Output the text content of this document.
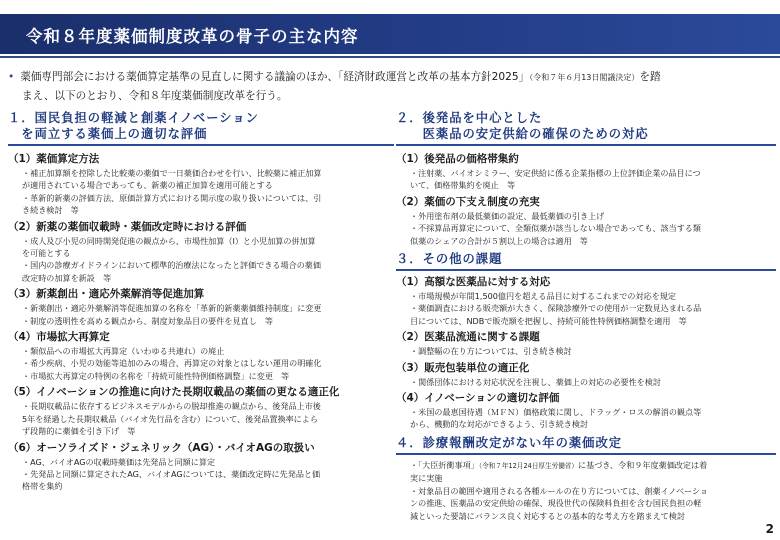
令和８年度薬価制度改革の骨子の主な内容
• 薬価専門部会における薬価算定基準の見直しに関する議論のほか、「経済財政運営と改革の基本方針2025」（令和７年６月13日閣議決定）を踏
まえ、以下のとおり、令和８年度薬価制度改革を行う。
１．国民負担の軽減と創薬イノベーション
　を両立する薬価上の適切な評価
（1）薬価算定方法
・補正加算額を控除した比較薬の薬価で一日薬価合わせを行い、比較薬に補正加算
が適用されている場合であっても、新薬の補正加算を適用可能とする
・革新的新薬の評価方法、原価計算方式における開示度の取り扱いについては、引
き続き検討　等
（2）新薬の薬価収載時・薬価改定時における評価
・成人及び小児の同時開発促進の観点から、市場性加算（Ⅰ）と小児加算の併加算
を可能とする
・国内の診療ガイドラインにおいて標準的治療法になったと評価できる場合の薬価
改定時の加算を新設　等
（3）新薬創出・適応外薬解消等促進加算
・新薬創出・適応外薬解消等促進加算の名称を「革新的新薬薬価維持制度」に変更
・制度の透明性を高める観点から、制度対象品目の要件を見直し　等
（4）市場拡大再算定
・類似品への市場拡大再算定（いわゆる共連れ）の廃止
・希少疾病、小児の効能等追加のみの場合、再算定の対象とはしない運用の明確化
・市場拡大再算定の特例の名称を「持続可能性特例価格調整」に変更　等
（5）イノベーションの推進に向けた長期収載品の薬価の更なる適正化
・長期収載品に依存するビジネスモデルからの脱却推進の観点から、後発品上市後
5年を経過した長期収載品（バイオ先行品を含む）について、後発品置換率によら
ず段階的に薬価を引き下げ　等
（6）オーソライズド・ジェネリック（AG）・バイオAGの取扱い
・AG、バイオAGの収載時薬価は先発品と同額に算定
・先発品と同額に算定されたAG、バイオAGについては、薬価改定時に先発品と価
格帯を集約
２．後発品を中心とした
　　医薬品の安定供給の確保のための対応
（1）後発品の価格帯集約
・注射薬、バイオシミラー、安定供給に係る企業指標の上位評価企業の品目につ
いて、価格帯集約を廃止　等
（2）薬価の下支え制度の充実
・外用塗布剤の最低薬価の設定、最低薬価の引き上げ
・不採算品再算定について、全類似薬が該当しない場合であっても、該当する類
似薬のシェアの合計が５割以上の場合は適用　等
３．その他の課題
（1）高額な医薬品に対する対応
・市場規模が年間1,500億円を超える品目に対するこれまでの対応を規定
・薬価調査における販売額が大きく、保険診療外での使用が一定数見込まれる品
目については、NDBで販売額を把握し、持続可能性特例価格調整を適用　等
（2）医薬品流通に関する課題
・調整幅の在り方については、引き続き検討
（3）販売包装単位の適正化
・関係団体における対応状況を注視し、薬価上の対応の必要性を検討
（4）イノベーションの適切な評価
・米国の最恵国待遇（ＭＦＮ）価格政策に関し、ドラッグ・ロスの解消の観点等
から、機動的な対応ができるよう、引き続き検討
４．診療報酬改定がない年の薬価改定
・「大臣折衝事項」（令和７年12月24日厚生労働省）に基づき、令和９年度薬価改定は着
実に実施
・対象品目の範囲や適用される各種ルールの在り方については、創薬イノベーショ
ンの推進、医薬品の安定供給の確保、現役世代の保険料負担を含む国民負担の軽
減といった要請にバランス良く対応するとの基本的な考え方を踏まえて検討
2
